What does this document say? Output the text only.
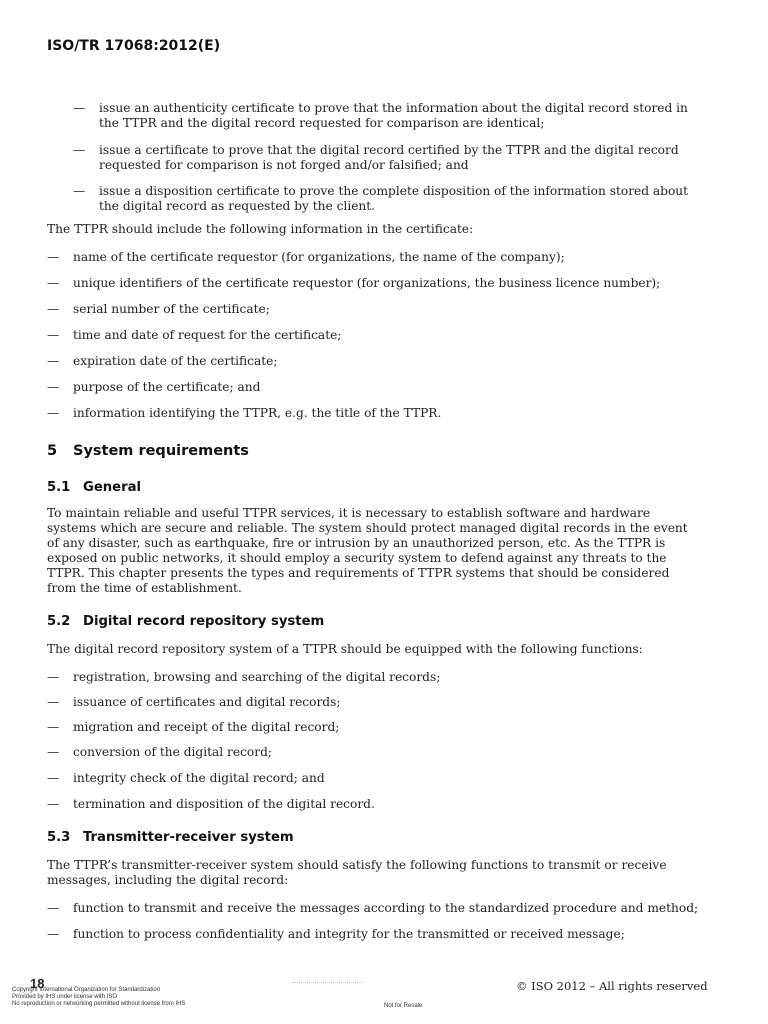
ISO/TR 17068:2012(E)
— issue an authenticity certificate to prove that the information about the digital record stored in
the TTPR and the digital record requested for comparison are identical;
— issue a certificate to prove that the digital record certified by the TTPR and the digital record
requested for comparison is not forged and/or falsified; and
— issue a disposition certificate to prove the complete disposition of the information stored about
the digital record as requested by the client.
The TTPR should include the following information in the certificate:
— name of the certificate requestor (for organizations, the name of the company);
— unique identifiers of the certificate requestor (for organizations, the business licence number);
— serial number of the certificate;
— time and date of request for the certificate;
— expiration date of the certificate;
— purpose of the certificate; and
— information identifying the TTPR, e.g. the title of the TTPR.
5 System requirements
5.1 General
To maintain reliable and useful TTPR services, it is necessary to establish software and hardware
systems which are secure and reliable. The system should protect managed digital records in the event
of any disaster, such as earthquake, fire or intrusion by an unauthorized person, etc. As the TTPR is
exposed on public networks, it should employ a security system to defend against any threats to the
TTPR. This chapter presents the types and requirements of TTPR systems that should be considered
from the time of establishment.
5.2 Digital record repository system
The digital record repository system of a TTPR should be equipped with the following functions:
— registration, browsing and searching of the digital records;
— issuance of certificates and digital records;
— migration and receipt of the digital record;
— conversion of the digital record;
— integrity check of the digital record; and
— termination and disposition of the digital record.
5.3 Transmitter-receiver system
The TTPR’s transmitter-receiver system should satisfy the following functions to transmit or receive
messages, including the digital record:
— function to transmit and receive the messages according to the standardized procedure and method;
— function to process confidentiality and integrity for the transmitted or received message;
18	© ISO 2012 – All rights reserved
Copyright International Organization for Standardization
Provided by IHS under license with ISO
No reproduction or networking permitted without license from IHS	Not for Resale
